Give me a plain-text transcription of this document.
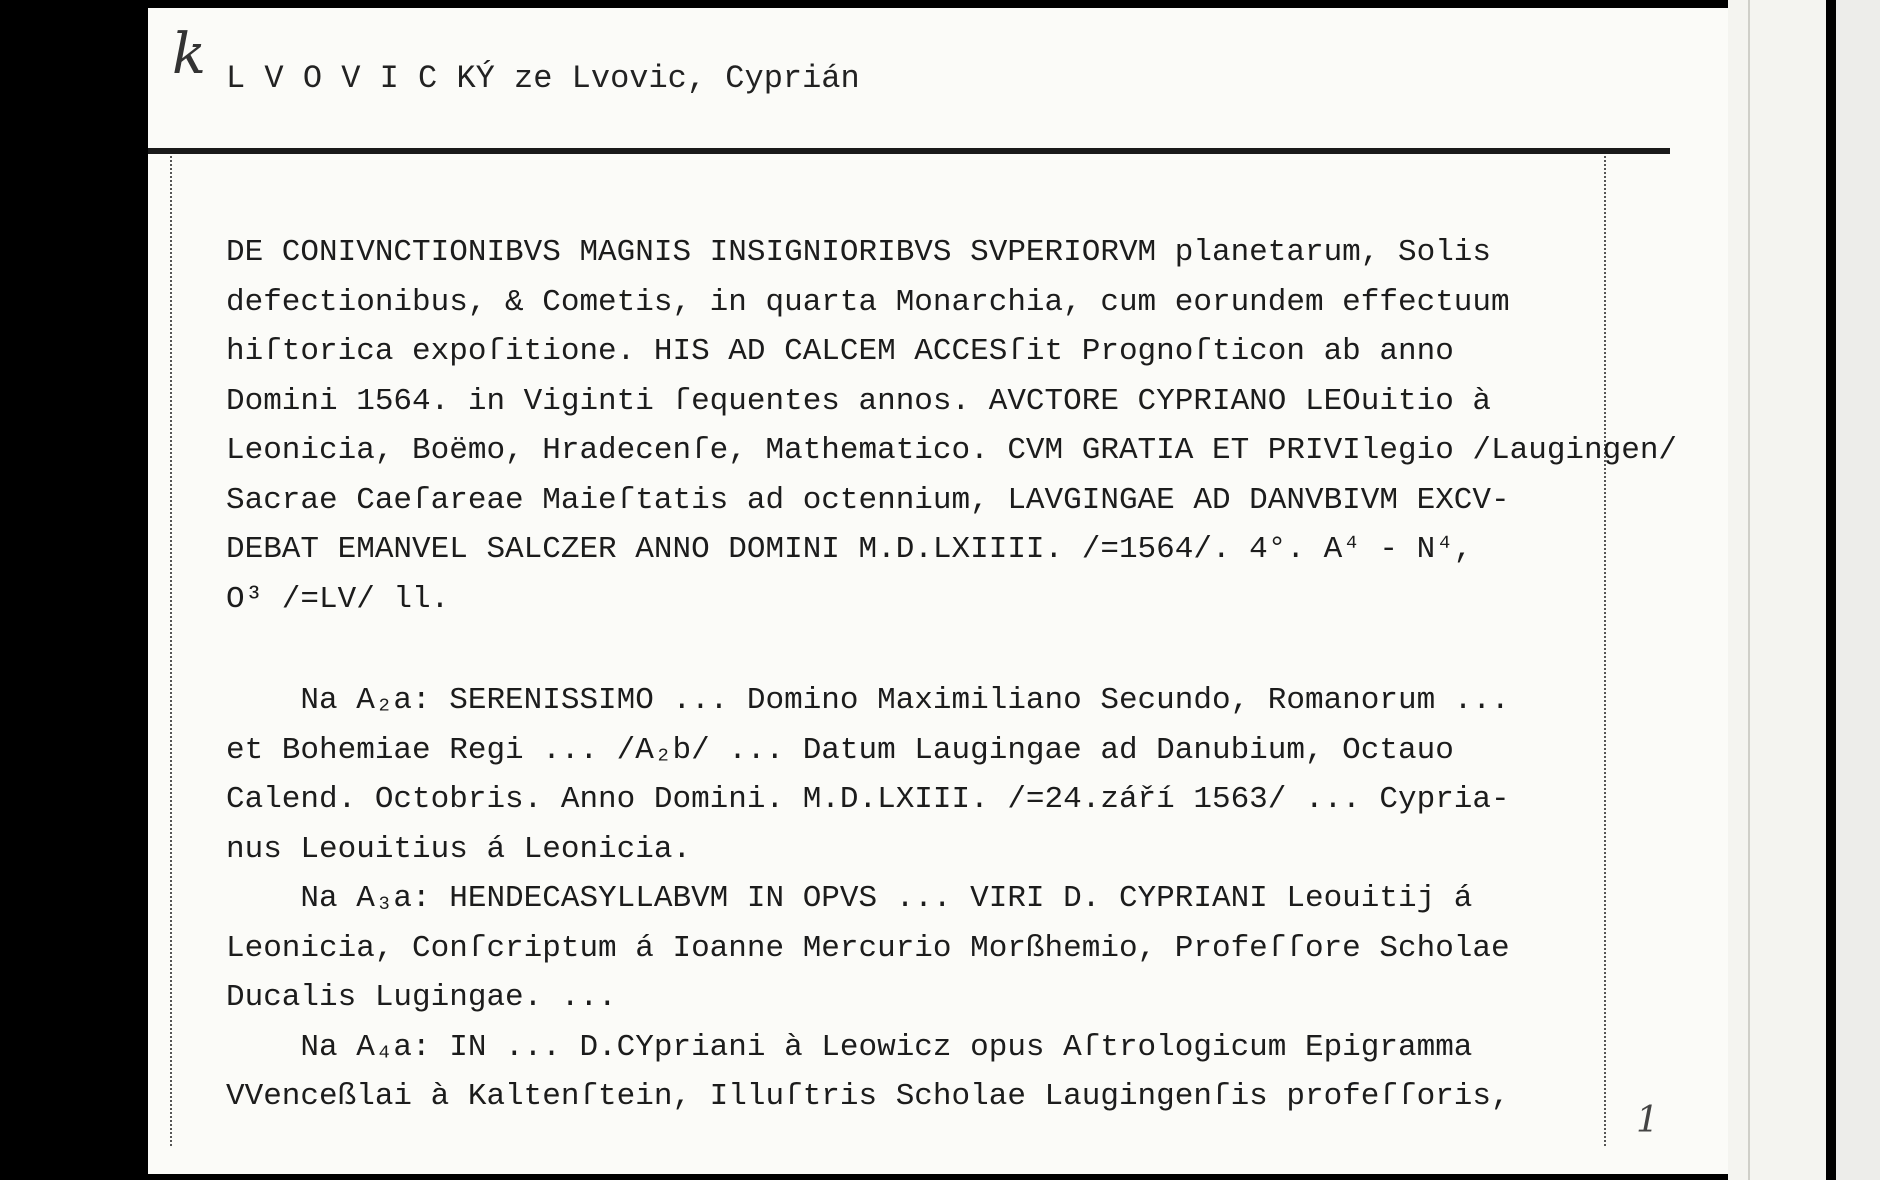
k L V O V I C KÝ ze Lvovic, Cyprián
DE CONIVNCTIONIBVS MAGNIS INSIGNIORIBVS SVPERIORVM planetarum, Solis
defectionibus, & Cometis, in quarta Monarchia, cum eorundem effectuum
hiſtorica expoſitione. HIS AD CALCEM ACCESſit Prognoſticon ab anno
Domini 1564. in Viginti ſequentes annos. AVCTORE CYPRIANO LEOuitio à
Leonicia, Boëmo, Hradecenſe, Mathematico. CVM GRATIA ET PRIVIlegio /Laugingen/
Sacrae Caeſareae Maieſtatis ad octennium, LAVGINGAE AD DANVBIVM EXCV-
DEBAT EMANVEL SALCZER ANNO DOMINI M.D.LXIIII. /=1564/. 4°. A⁴ - N⁴,
O³ /=LV/ ll.
Na A₂a: SERENISSIMO ... Domino Maximiliano Secundo, Romanorum ...
et Bohemiae Regi ... /A₂b/ ... Datum Laugingae ad Danubium, Octauo
Calend. Octobris. Anno Domini. M.D.LXIII. /=24.září 1563/ ... Cypria-
nus Leouitius á Leonicia.
Na A₃a: HENDECASYLLABVM IN OPVS ... VIRI D. CYPRIANI Leouitij á
Leonicia, Conſcriptum á Ioanne Mercurio Morßhemio, Profeſſore Scholae
Ducalis Lugingae. ...
Na A₄a: IN ... D.CYpriani à Leowicz opus Aſtrologicum Epigramma
VVenceßlai à Kaltenſtein, Illuſtris Scholae Laugingenſis profeſſoris,
1
